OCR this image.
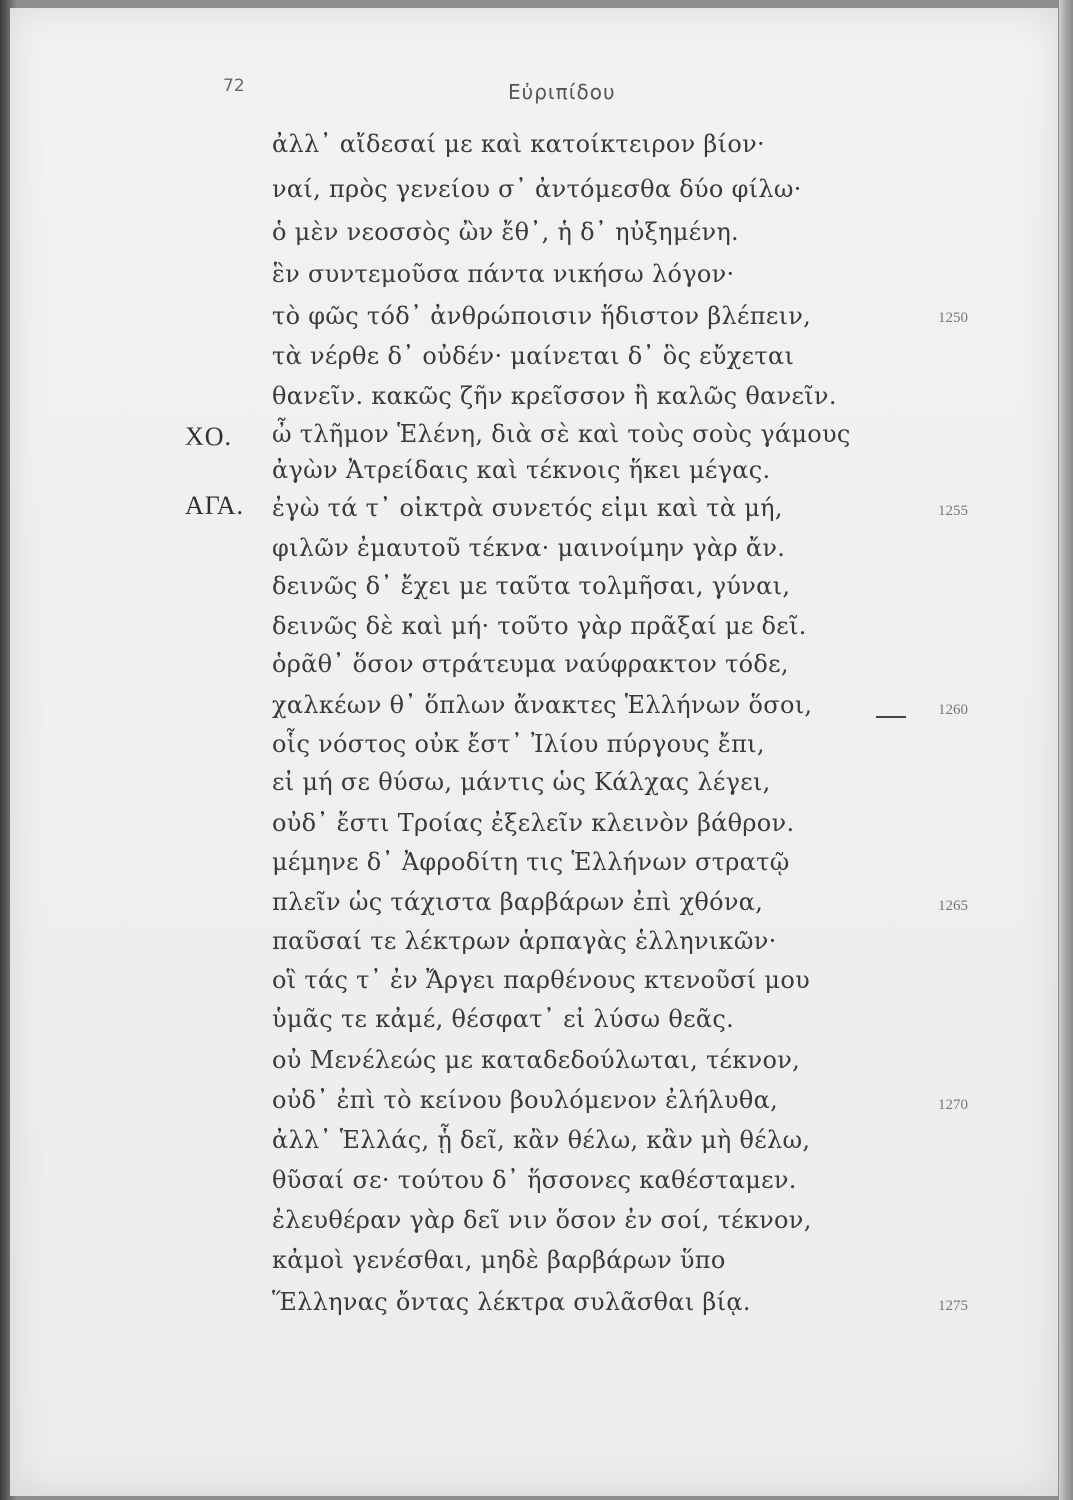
72	Εὐριπίδου
ΧΟ.
ΑΓΑ.
ἀλλ᾽ αἴδεσαί με καὶ κατοίκτειρον βίον·
ναί, πρὸς γενείου σ᾽ ἀντόμεσθα δύο φίλω·
ὁ μὲν νεοσσὸς ὢν ἔθ᾽, ἡ δ᾽ ηὐξημένη.
ἓν συντεμοῦσα πάντα νικήσω λόγον·
τὸ φῶς τόδ᾽ ἀνθρώποισιν ἥδιστον βλέπειν,
τὰ νέρθε δ᾽ οὐδέν· μαίνεται δ᾽ ὃς εὔχεται
θανεῖν. κακῶς ζῆν κρεῖσσον ἢ καλῶς θανεῖν.
ὦ τλῆμον Ἑλένη, διὰ σὲ καὶ τοὺς σοὺς γάμους
ἀγὼν Ἀτρείδαις καὶ τέκνοις ἥκει μέγας.
ἐγὼ τά τ᾽ οἰκτρὰ συνετός εἰμι καὶ τὰ μή,
φιλῶν ἐμαυτοῦ τέκνα· μαινοίμην γὰρ ἄν.
δεινῶς δ᾽ ἔχει με ταῦτα τολμῆσαι, γύναι,
δεινῶς δὲ καὶ μή· τοῦτο γὰρ πρᾶξαί με δεῖ.
ὁρᾶθ᾽ ὅσον στράτευμα ναύφρακτον τόδε,
χαλκέων θ᾽ ὅπλων ἄνακτες Ἑλλήνων ὅσοι,
οἷς νόστος οὐκ ἔστ᾽ Ἰλίου πύργους ἔπι,
εἰ μή σε θύσω, μάντις ὡς Κάλχας λέγει,
οὐδ᾽ ἔστι Τροίας ἐξελεῖν κλεινὸν βάθρον.
μέμηνε δ᾽ Ἀφροδίτη τις Ἑλλήνων στρατῷ
πλεῖν ὡς τάχιστα βαρβάρων ἐπὶ χθόνα,
παῦσαί τε λέκτρων ἁρπαγὰς ἑλληνικῶν·
οἳ τάς τ᾽ ἐν Ἄργει παρθένους κτενοῦσί μου
ὑμᾶς τε κἀμέ, θέσφατ᾽ εἰ λύσω θεᾶς.
οὐ Μενέλεώς με καταδεδούλωται, τέκνον,
οὐδ᾽ ἐπὶ τὸ κείνου βουλόμενον ἐλήλυθα,
ἀλλ᾽ Ἑλλάς, ᾗ δεῖ, κἂν θέλω, κἂν μὴ θέλω,
θῦσαί σε· τούτου δ᾽ ἥσσονες καθέσταμεν.
ἐλευθέραν γὰρ δεῖ νιν ὅσον ἐν σοί, τέκνον,
κἀμοὶ γενέσθαι, μηδὲ βαρβάρων ὕπο
Ἕλληνας ὄντας λέκτρα συλᾶσθαι βίᾳ.
1250
1255
1260
1265
1270
1275
